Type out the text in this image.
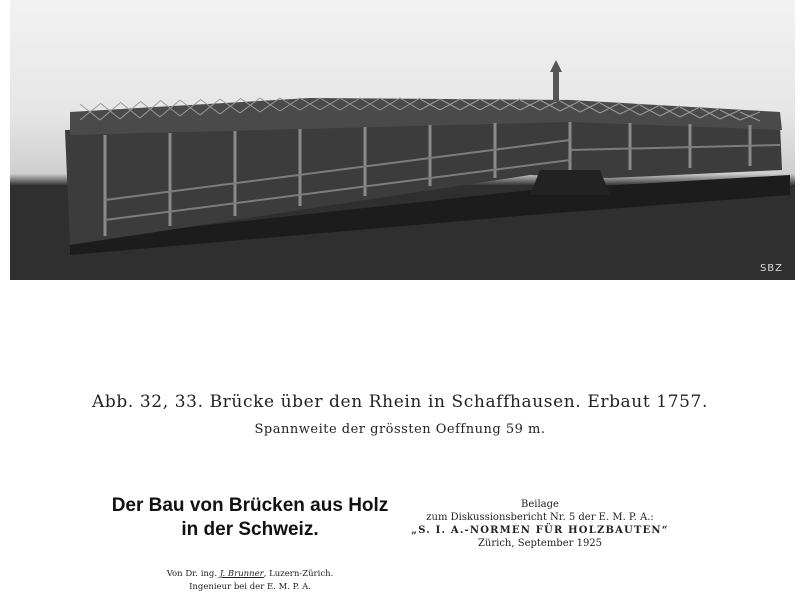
SBZ
Abb. 32, 33. Brücke über den Rhein in Schaffhausen. Erbaut 1757.
Spannweite der grössten Oeffnung 59 m.
Der Bau von Brücken aus Holz
in der Schweiz.
Von Dr. ing. J. Brunner, Luzern-Zürich.
Ingenieur bei der E. M. P. A.
Beilage
zum Diskussionsbericht Nr. 5 der E. M. P. A.:
„S. I. A.-NORMEN FÜR HOLZBAUTEN“
Zürich, September 1925
